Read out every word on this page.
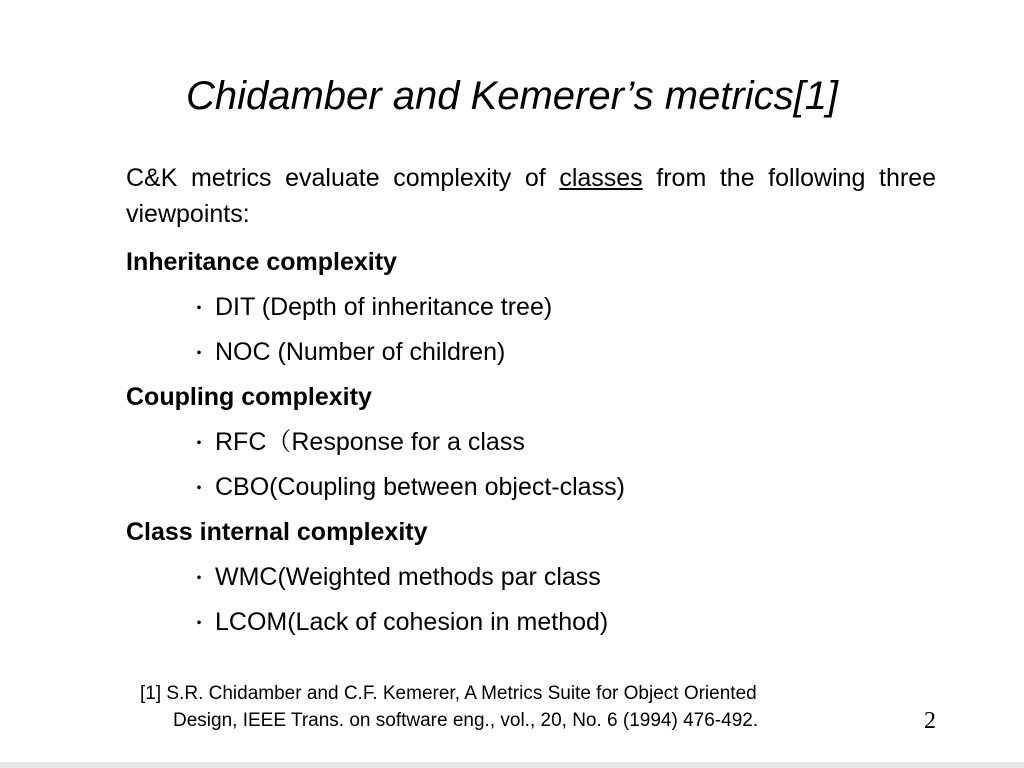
Chidamber and Kemerer’s metrics[1]

C&K metrics evaluate complexity of classes from the following three viewpoints:

Inheritance complexity
・ DIT (Depth of inheritance tree)
・ NOC (Number of children)
Coupling complexity
・ RFC（Response for a class
・ CBO(Coupling between object-class)
Class internal complexity
・ WMC(Weighted methods par class
・ LCOM(Lack of cohesion in method)

[1] S.R. Chidamber and C.F. Kemerer, A Metrics Suite for Object Oriented
Design, IEEE Trans. on software eng., vol., 20, No. 6 (1994) 476-492.	2
